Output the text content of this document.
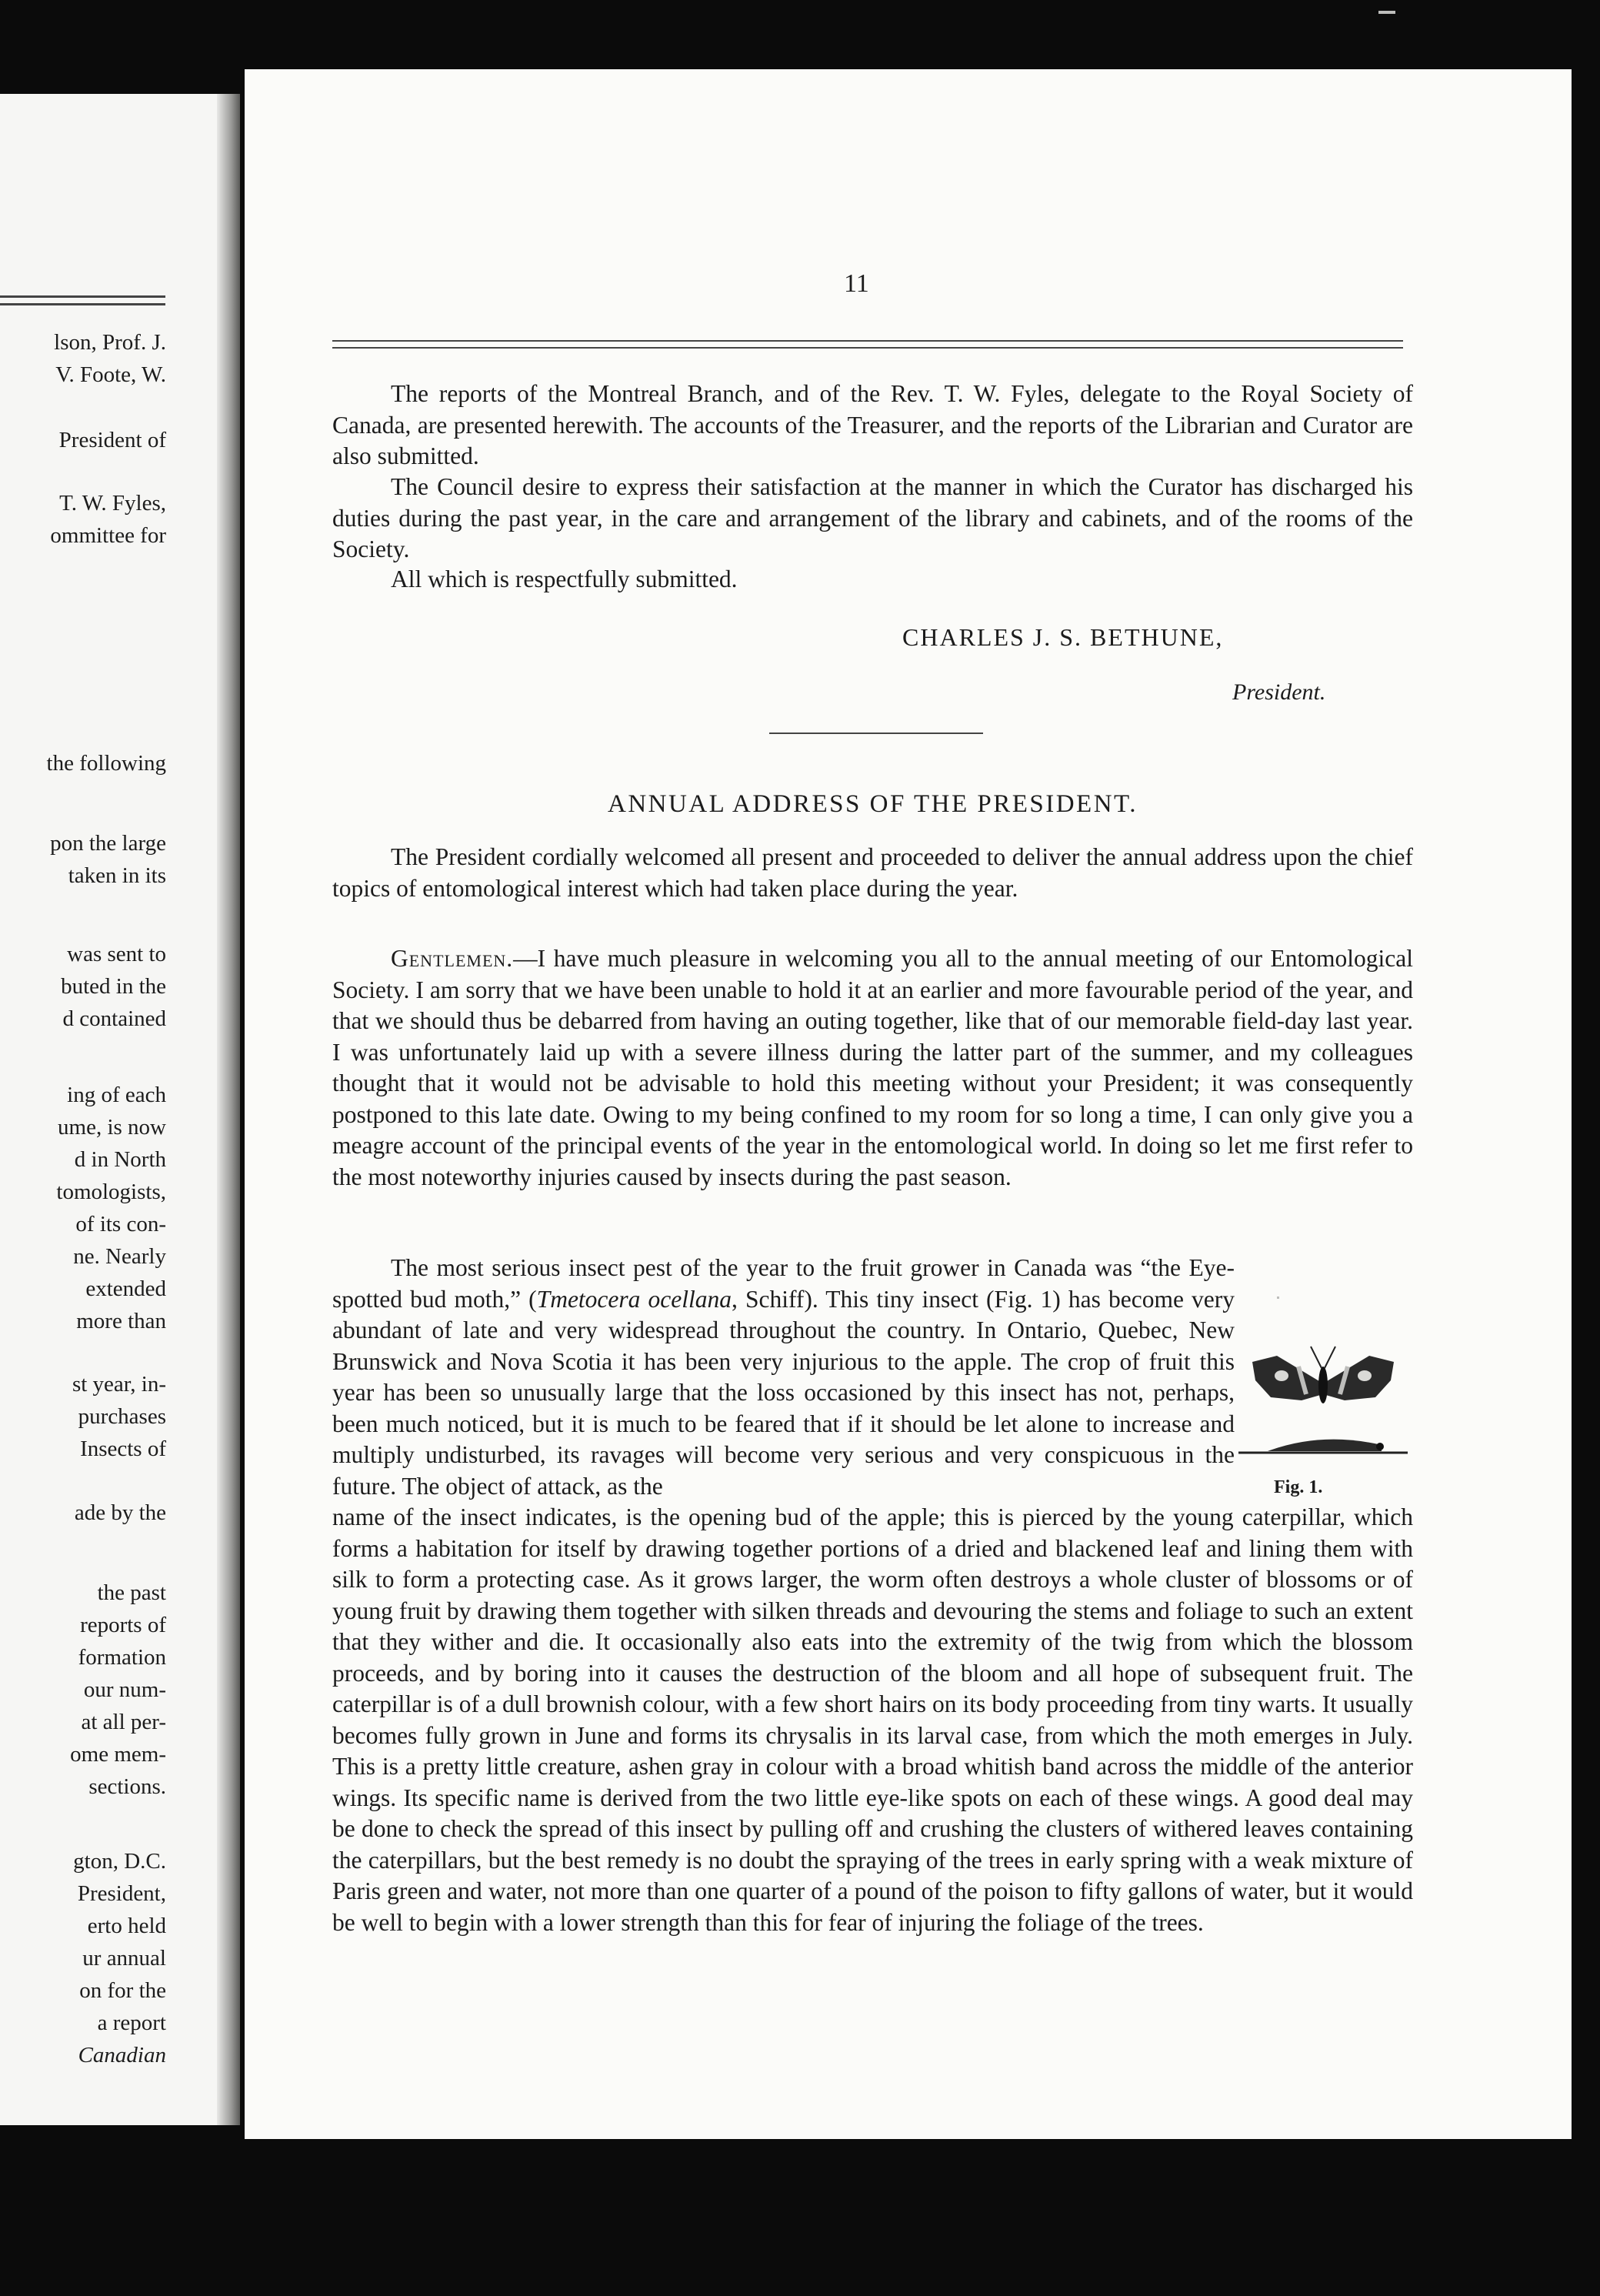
lson, Prof. J.
V. Foote, W.
President of
T. W. Fyles,
ommittee for
the following
pon the large
taken in its
was sent to
buted in the
d contained
ing of each
ume, is now
d in North
tomologists,
of its con-
ne. Nearly
extended
more than
st year, in-
purchases
Insects of
ade by the
the past
reports of
formation
our num-
at all per-
ome mem-
sections.
gton, D.C.
President,
erto held
ur annual
on for the
a report
Canadian
11
The reports of the Montreal Branch, and of the Rev. T. W. Fyles, delegate to the Royal Society of Canada, are presented herewith. The accounts of the Treasurer, and the reports of the Librarian and Curator are also submitted.
The Council desire to express their satisfaction at the manner in which the Curator has discharged his duties during the past year, in the care and arrangement of the library and cabinets, and of the rooms of the Society.
All which is respectfully submitted.
CHARLES J. S. BETHUNE,
President.
ANNUAL ADDRESS OF THE PRESIDENT.
The President cordially welcomed all present and proceeded to deliver the annual address upon the chief topics of entomological interest which had taken place during the year.
Gentlemen.—I have much pleasure in welcoming you all to the annual meeting of our Entomological Society. I am sorry that we have been unable to hold it at an earlier and more favourable period of the year, and that we should thus be debarred from having an outing together, like that of our memorable field-day last year. I was unfortunately laid up with a severe illness during the latter part of the summer, and my colleagues thought that it would not be advisable to hold this meeting without your President; it was consequently postponed to this late date. Owing to my being confined to my room for so long a time, I can only give you a meagre account of the principal events of the year in the entomological world. In doing so let me first refer to the most noteworthy injuries caused by insects during the past season.
The most serious insect pest of the year to the fruit grower in Canada was “the Eye-spotted bud moth,” (Tmetocera ocellana, Schiff). This tiny insect (Fig. 1) has become very abundant of late and very widespread throughout the country. In Ontario, Quebec, New Brunswick and Nova Scotia it has been very injurious to the apple. The crop of fruit this year has been so unusually large that the loss occasioned by this insect has not, perhaps, been much noticed, but it is much to be feared that if it should be let alone to increase and multiply undisturbed, its ravages will become very serious and very conspicuous in the future. The object of attack, as the
name of the insect indicates, is the opening bud of the apple; this is pierced by the young caterpillar, which forms a habitation for itself by drawing together portions of a dried and blackened leaf and lining them with silk to form a protecting case. As it grows larger, the worm often destroys a whole cluster of blossoms or of young fruit by drawing them together with silken threads and devouring the stems and foliage to such an extent that they wither and die. It occasionally also eats into the extremity of the twig from which the blossom proceeds, and by boring into it causes the destruction of the bloom and all hope of subsequent fruit. The caterpillar is of a dull brownish colour, with a few short hairs on its body proceeding from tiny warts. It usually becomes fully grown in June and forms its chrysalis in its larval case, from which the moth emerges in July. This is a pretty little creature, ashen gray in colour with a broad whitish band across the middle of the anterior wings. Its specific name is derived from the two little eye-like spots on each of these wings. A good deal may be done to check the spread of this insect by pulling off and crushing the clusters of withered leaves containing the caterpillars, but the best remedy is no doubt the spraying of the trees in early spring with a weak mixture of Paris green and water, not more than one quarter of a pound of the poison to fifty gallons of water, but it would be well to begin with a lower strength than this for fear of injuring the foliage of the trees.
Fig. 1.
